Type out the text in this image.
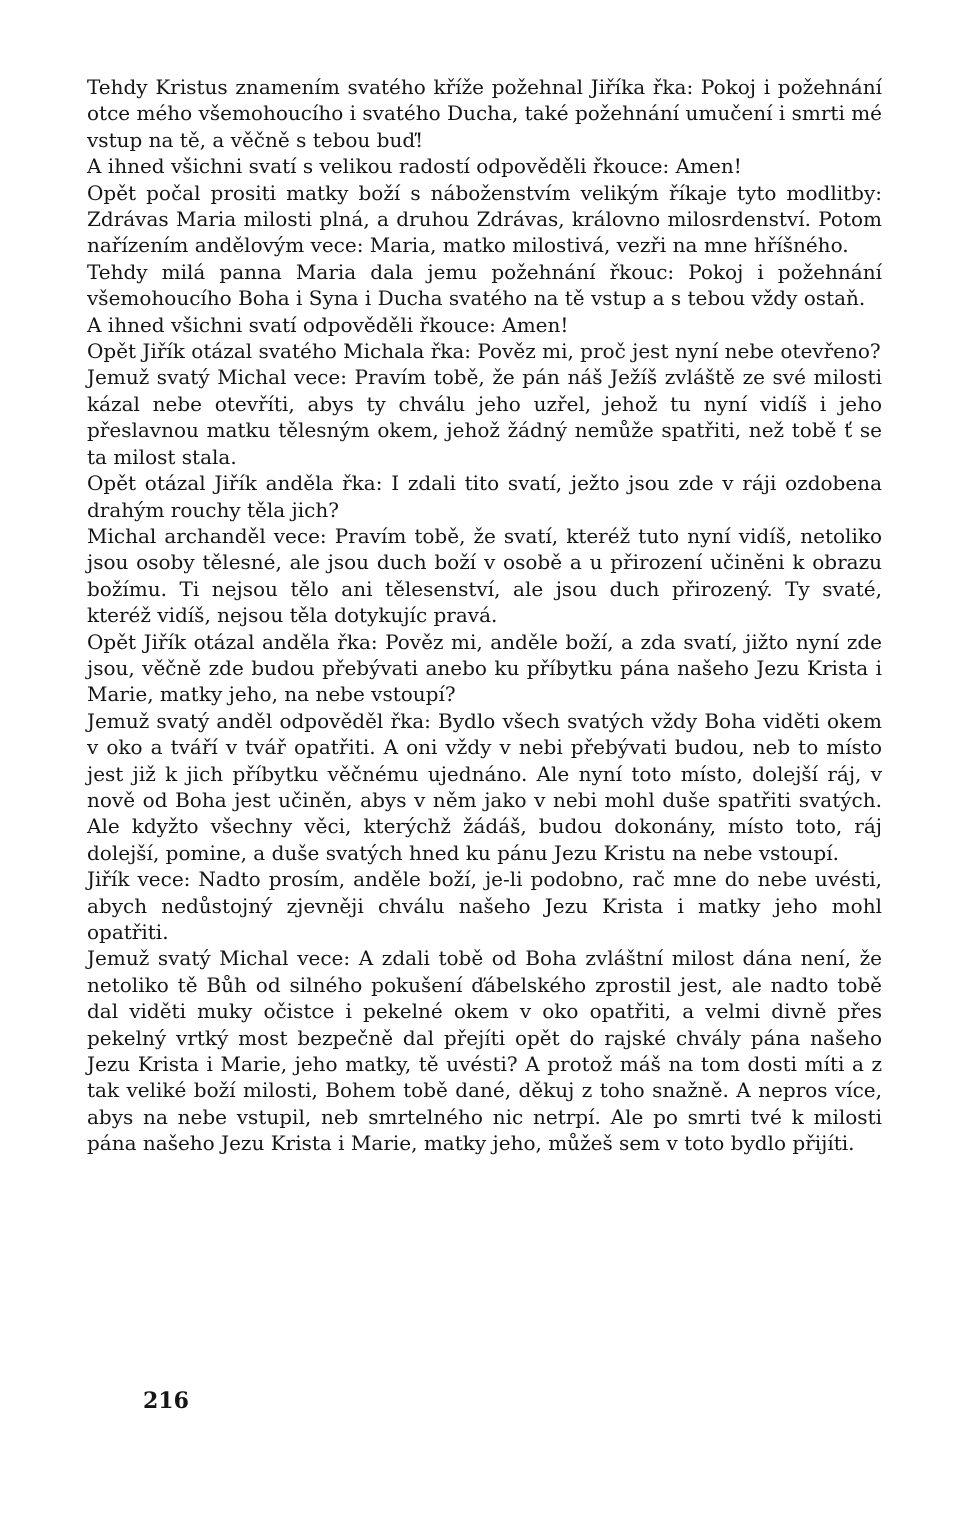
Tehdy Kristus znamením svatého kříže požehnal Jiříka řka: Pokoj i požehnání otce mého všemohoucího i svatého Ducha, také požehnání umučení i smrti mé vstup na tě, a věčně s tebou buď!

A ihned všichni svatí s velikou radostí odpověděli řkouce: Amen!

Opět počal prositi matky boží s náboženstvím velikým říkaje tyto modlitby: Zdrávas Maria milosti plná, a druhou Zdrávas, královno milosrdenství. Potom nařízením andělovým vece: Maria, matko milostivá, vezři na mne hříšného.

Tehdy milá panna Maria dala jemu požehnání řkouc: Pokoj i požehnání všemohoucího Boha i Syna i Ducha svatého na tě vstup a s tebou vždy ostaň.

A ihned všichni svatí odpověděli řkouce: Amen!

Opět Jiřík otázal svatého Michala řka: Pověz mi, proč jest nyní nebe otevřeno?

Jemuž svatý Michal vece: Pravím tobě, že pán náš Ježíš zvláště ze své milosti kázal nebe otevříti, abys ty chválu jeho uzřel, jehož tu nyní vidíš i jeho přeslavnou matku tělesným okem, jehož žádný nemůže spatřiti, než tobě ť se ta milost stala.

Opět otázal Jiřík anděla řka: I zdali tito svatí, ježto jsou zde v ráji ozdobena drahým rouchy těla jich?

Michal archanděl vece: Pravím tobě, že svatí, kteréž tuto nyní vidíš, netoliko jsou osoby tělesné, ale jsou duch boží v osobě a u přirození učiněni k obrazu božímu. Ti nejsou tělo ani tělesenství, ale jsou duch přirozený. Ty svaté, kteréž vidíš, nejsou těla dotykujíc pravá.

Opět Jiřík otázal anděla řka: Pověz mi, anděle boží, a zda svatí, jižto nyní zde jsou, věčně zde budou přebývati anebo ku příbytku pána našeho Jezu Krista i Marie, matky jeho, na nebe vstoupí?

Jemuž svatý anděl odpověděl řka: Bydlo všech svatých vždy Boha viděti okem v oko a tváří v tvář opatřiti. A oni vždy v nebi přebývati budou, neb to místo jest již k jich příbytku věčnému ujednáno. Ale nyní toto místo, dolejší ráj, v nově od Boha jest učiněn, abys v něm jako v nebi mohl duše spatřiti svatých. Ale kdyžto všechny věci, kterýchž žádáš, budou dokonány, místo toto, ráj dolejší, pomine, a duše svatých hned ku pánu Jezu Kristu na nebe vstoupí.

Jiřík vece: Nadto prosím, anděle boží, je-li podobno, rač mne do nebe uvésti, abych nedůstojný zjevněji chválu našeho Jezu Krista i matky jeho mohl opatřiti.

Jemuž svatý Michal vece: A zdali tobě od Boha zvláštní milost dána není, že netoliko tě Bůh od silného pokušení ďábelského zprostil jest, ale nadto tobě dal viděti muky očistce i pekelné okem v oko opatřiti, a velmi divně přes pekelný vrtký most bezpečně dal přejíti opět do rajské chvály pána našeho Jezu Krista i Marie, jeho matky, tě uvésti? A protož máš na tom dosti míti a z tak veliké boží milosti, Bohem tobě dané, děkuj z toho snažně. A nepros více, abys na nebe vstupil, neb smrtelného nic netrpí. Ale po smrti tvé k milosti pána našeho Jezu Krista i Marie, matky jeho, můžeš sem v toto bydlo přijíti.

216
